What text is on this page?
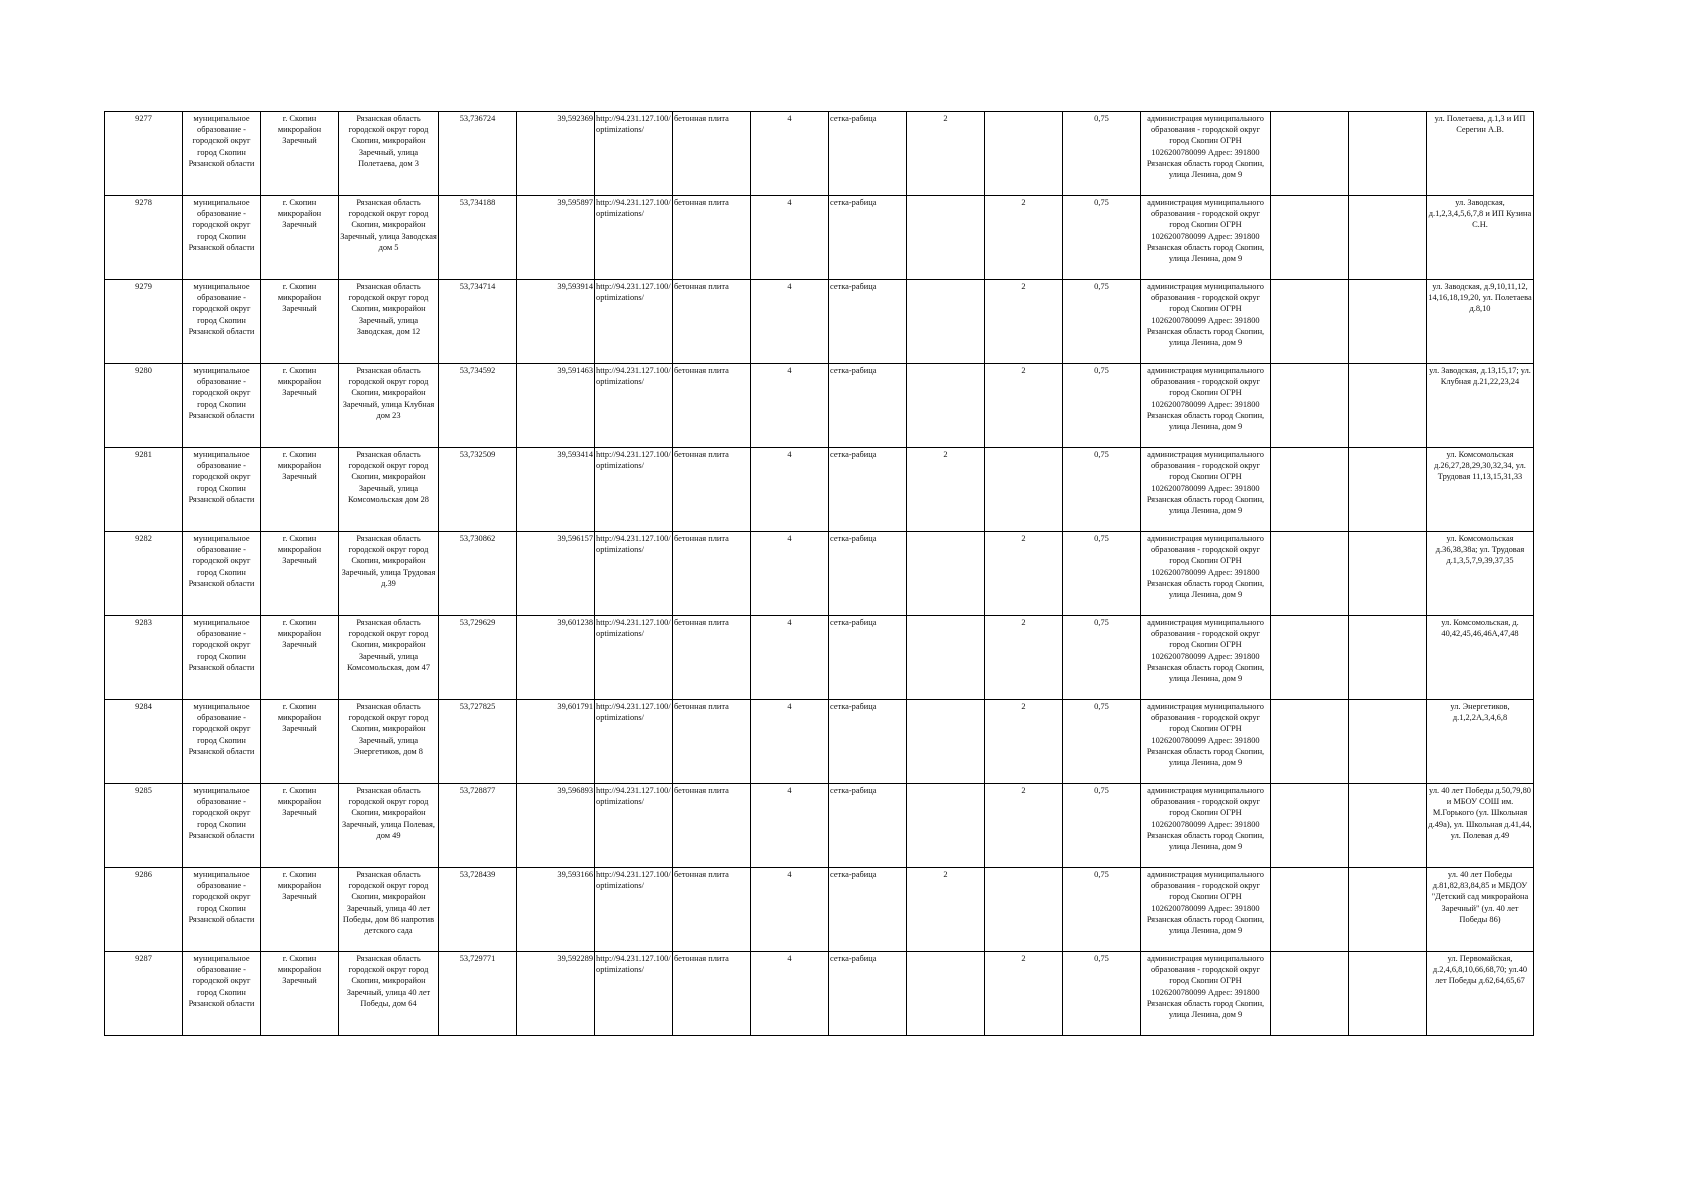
9277	муниципальное образование - городской округ город Скопин Рязанской области	г. Скопин микрорайон Заречный	Рязанская область городской округ город Скопин, микрорайон Заречный, улица Полетаева, дом 3	53,736724	39,592369	http://94.231.127.100/optimizations/	бетонная плита	4	сетка-рабица	2		0,75	администрация муниципального образования - городской округ город Скопин ОГРН 1026200780099 Адрес: 391800 Рязанская область город Скопин, улица Ленина, дом 9			ул. Полетаева, д.1,3 и ИП Серегин А.В.
9278	муниципальное образование - городской округ город Скопин Рязанской области	г. Скопин микрорайон Заречный	Рязанская область городской округ город Скопин, микрорайон Заречный, улица Заводская дом 5	53,734188	39,595897	http://94.231.127.100/optimizations/	бетонная плита	4	сетка-рабица		2	0,75	администрация муниципального образования - городской округ город Скопин ОГРН 1026200780099 Адрес: 391800 Рязанская область город Скопин, улица Ленина, дом 9			ул. Заводская, д.1,2,3,4,5,6,7,8 и ИП Кузина С.Н.
9279	муниципальное образование - городской округ город Скопин Рязанской области	г. Скопин микрорайон Заречный	Рязанская область городской округ город Скопин, микрорайон Заречный, улица Заводская, дом 12	53,734714	39,593914	http://94.231.127.100/optimizations/	бетонная плита	4	сетка-рабица		2	0,75	администрация муниципального образования - городской округ город Скопин ОГРН 1026200780099 Адрес: 391800 Рязанская область город Скопин, улица Ленина, дом 9			ул. Заводская, д.9,10,11,12, 14,16,18,19,20, ул. Полетаева д.8,10
9280	муниципальное образование - городской округ город Скопин Рязанской области	г. Скопин микрорайон Заречный	Рязанская область городской округ город Скопин, микрорайон Заречный, улица Клубная дом 23	53,734592	39,591463	http://94.231.127.100/optimizations/	бетонная плита	4	сетка-рабица		2	0,75	администрация муниципального образования - городской округ город Скопин ОГРН 1026200780099 Адрес: 391800 Рязанская область город Скопин, улица Ленина, дом 9			ул. Заводская, д.13,15,17; ул. Клубная д.21,22,23,24
9281	муниципальное образование - городской округ город Скопин Рязанской области	г. Скопин микрорайон Заречный	Рязанская область городской округ город Скопин, микрорайон Заречный, улица Комсомольская дом 28	53,732509	39,593414	http://94.231.127.100/optimizations/	бетонная плита	4	сетка-рабица	2		0,75	администрация муниципального образования - городской округ город Скопин ОГРН 1026200780099 Адрес: 391800 Рязанская область город Скопин, улица Ленина, дом 9			ул. Комсомольская д.26,27,28,29,30,32,34, ул. Трудовая 11,13,15,31,33
9282	муниципальное образование - городской округ город Скопин Рязанской области	г. Скопин микрорайон Заречный	Рязанская область городской округ город Скопин, микрорайон Заречный, улица Трудовая д.39	53,730862	39,596157	http://94.231.127.100/optimizations/	бетонная плита	4	сетка-рабица		2	0,75	администрация муниципального образования - городской округ город Скопин ОГРН 1026200780099 Адрес: 391800 Рязанская область город Скопин, улица Ленина, дом 9			ул. Комсомольская д.36,38,38а; ул. Трудовая д.1,3,5,7,9,39,37,35
9283	муниципальное образование - городской округ город Скопин Рязанской области	г. Скопин микрорайон Заречный	Рязанская область городской округ город Скопин, микрорайон Заречный, улица Комсомольская, дом 47	53,729629	39,601238	http://94.231.127.100/optimizations/	бетонная плита	4	сетка-рабица		2	0,75	администрация муниципального образования - городской округ город Скопин ОГРН 1026200780099 Адрес: 391800 Рязанская область город Скопин, улица Ленина, дом 9			ул. Комсомольская, д. 40,42,45,46,46А,47,48
9284	муниципальное образование - городской округ город Скопин Рязанской области	г. Скопин микрорайон Заречный	Рязанская область городской округ город Скопин, микрорайон Заречный, улица Энергетиков, дом 8	53,727825	39,601791	http://94.231.127.100/optimizations/	бетонная плита	4	сетка-рабица		2	0,75	администрация муниципального образования - городской округ город Скопин ОГРН 1026200780099 Адрес: 391800 Рязанская область город Скопин, улица Ленина, дом 9			ул. Энергетиков, д.1,2,2А,3,4,6,8
9285	муниципальное образование - городской округ город Скопин Рязанской области	г. Скопин микрорайон Заречный	Рязанская область городской округ город Скопин, микрорайон Заречный, улица Полевая, дом 49	53,728877	39,596893	http://94.231.127.100/optimizations/	бетонная плита	4	сетка-рабица		2	0,75	администрация муниципального образования - городской округ город Скопин ОГРН 1026200780099 Адрес: 391800 Рязанская область город Скопин, улица Ленина, дом 9			ул. 40 лет Победы д.50,79,80 и МБОУ СОШ им. М.Горького (ул. Школьная д.49а), ул. Школьная д.41,44, ул. Полевая д.49
9286	муниципальное образование - городской округ город Скопин Рязанской области	г. Скопин микрорайон Заречный	Рязанская область городской округ город Скопин, микрорайон Заречный, улица 40 лет Победы, дом 86 напротив детского сада	53,728439	39,593166	http://94.231.127.100/optimizations/	бетонная плита	4	сетка-рабица	2		0,75	администрация муниципального образования - городской округ город Скопин ОГРН 1026200780099 Адрес: 391800 Рязанская область город Скопин, улица Ленина, дом 9			ул. 40 лет Победы д.81,82,83,84,85 и МБДОУ "Детский сад микрорайона Заречный" (ул. 40 лет Победы 86)
9287	муниципальное образование - городской округ город Скопин Рязанской области	г. Скопин микрорайон Заречный	Рязанская область городской округ город Скопин, микрорайон Заречный, улица 40 лет Победы, дом 64	53,729771	39,592289	http://94.231.127.100/optimizations/	бетонная плита	4	сетка-рабица		2	0,75	администрация муниципального образования - городской округ город Скопин ОГРН 1026200780099 Адрес: 391800 Рязанская область город Скопин, улица Ленина, дом 9			ул. Первомайская, д.2,4,6,8,10,66,68,70; ул.40 лет Победы д.62,64,65,67
